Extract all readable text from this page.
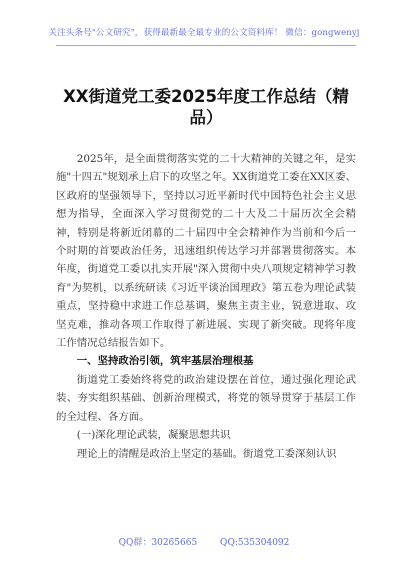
关注头条号"公文研究"，获得最新最全最专业的公文资料库！ 微信：gongwenyj
XX街道党工委2025年度工作总结（精品）

2025年，是全面贯彻落实党的二十大精神的关键之年，是实施"十四五"规划承上启下的攻坚之年。XX街道党工委在XX区委、区政府的坚强领导下，坚持以习近平新时代中国特色社会主义思想为指导，全面深入学习贯彻党的二十大及二十届历次全会精神，特别是将新近闭幕的二十届四中全会精神作为当前和今后一个时期的首要政治任务，迅速组织传达学习并部署贯彻落实。本年度，街道党工委以扎实开展"深入贯彻中央八项规定精神学习教育"为契机，以系统研读《习近平谈治国理政》第五卷为理论武装重点，坚持稳中求进工作总基调，聚焦主责主业，锐意进取、攻坚克难，推动各项工作取得了新进展、实现了新突破。现将年度工作情况总结报告如下。

一、坚持政治引领，筑牢基层治理根基

街道党工委始终将党的政治建设摆在首位，通过强化理论武装、夯实组织基础、创新治理模式，将党的领导贯穿于基层工作的全过程、各方面。

(一)深化理论武装，凝聚思想共识

理论上的清醒是政治上坚定的基础。街道党工委深刻认识

QQ群：30265665        QQ:535304092
